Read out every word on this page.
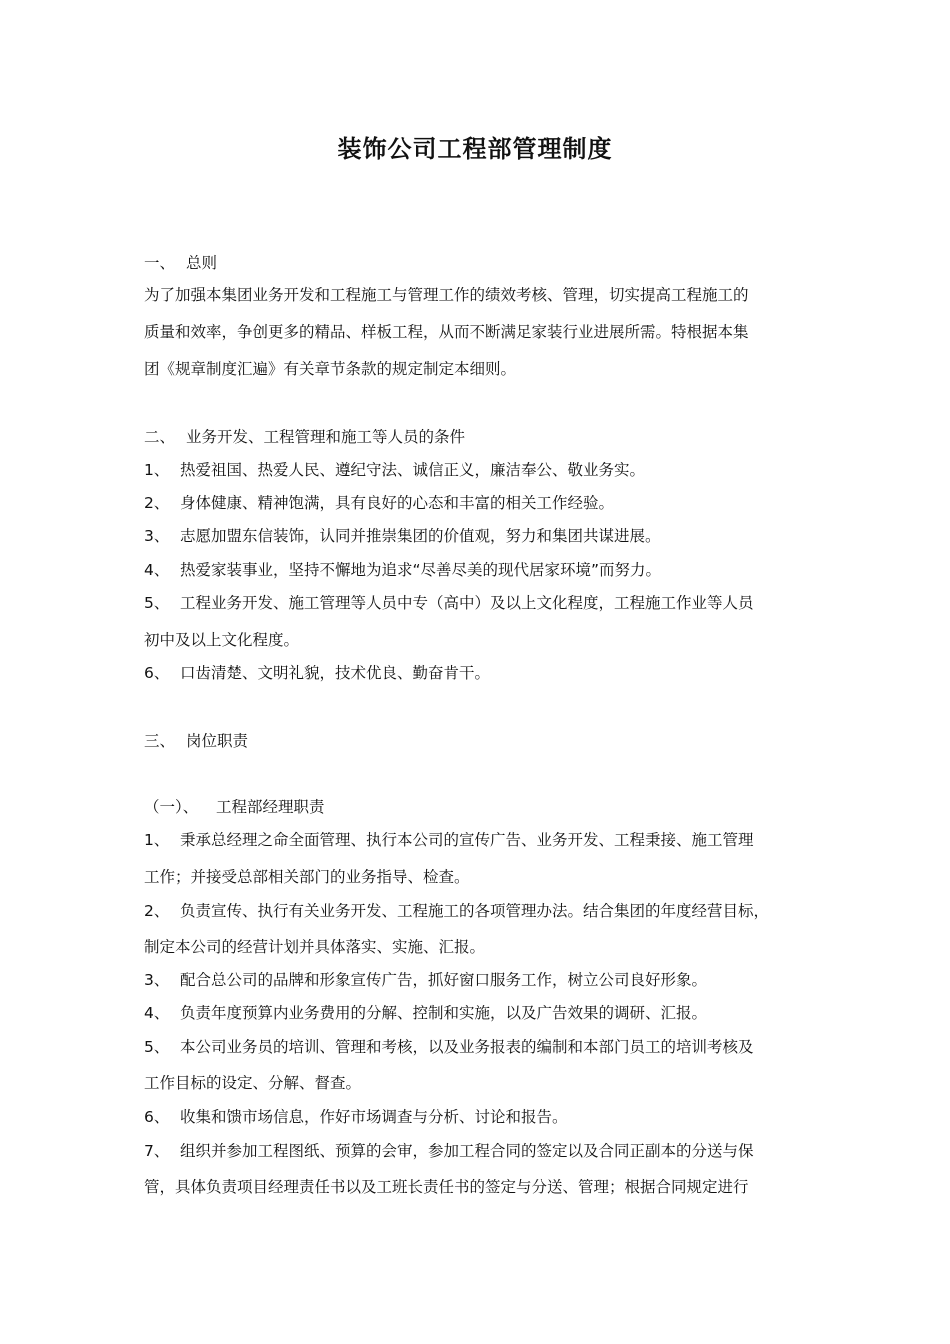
装饰公司工程部管理制度
一、 总则
为了加强本集团业务开发和工程施工与管理工作的绩效考核、管理，切实提高工程施工的
质量和效率，争创更多的精品、样板工程，从而不断满足家装行业进展所需。特根据本集
团《规章制度汇遍》有关章节条款的规定制定本细则。
二、 业务开发、工程管理和施工等人员的条件
1、 热爱祖国、热爱人民、遵纪守法、诚信正义，廉洁奉公、敬业务实。
2、 身体健康、精神饱满，具有良好的心态和丰富的相关工作经验。
3、 志愿加盟东信装饰，认同并推崇集团的价值观，努力和集团共谋进展。
4、 热爱家装事业，坚持不懈地为追求“尽善尽美的现代居家环境”而努力。
5、 工程业务开发、施工管理等人员中专（高中）及以上文化程度，工程施工作业等人员
初中及以上文化程度。
6、 口齿清楚、文明礼貌，技术优良、勤奋肯干。
三、 岗位职责
（一）、 工程部经理职责
1、 秉承总经理之命全面管理、执行本公司的宣传广告、业务开发、工程秉接、施工管理
工作；并接受总部相关部门的业务指导、检查。
2、 负责宣传、执行有关业务开发、工程施工的各项管理办法。结合集团的年度经营目标，
制定本公司的经营计划并具体落实、实施、汇报。
3、 配合总公司的品牌和形象宣传广告，抓好窗口服务工作，树立公司良好形象。
4、 负责年度预算内业务费用的分解、控制和实施，以及广告效果的调研、汇报。
5、 本公司业务员的培训、管理和考核，以及业务报表的编制和本部门员工的培训考核及
工作目标的设定、分解、督查。
6、 收集和馈市场信息，作好市场调查与分析、讨论和报告。
7、 组织并参加工程图纸、预算的会审，参加工程合同的签定以及合同正副本的分送与保
管，具体负责项目经理责任书以及工班长责任书的签定与分送、管理；根据合同规定进行
